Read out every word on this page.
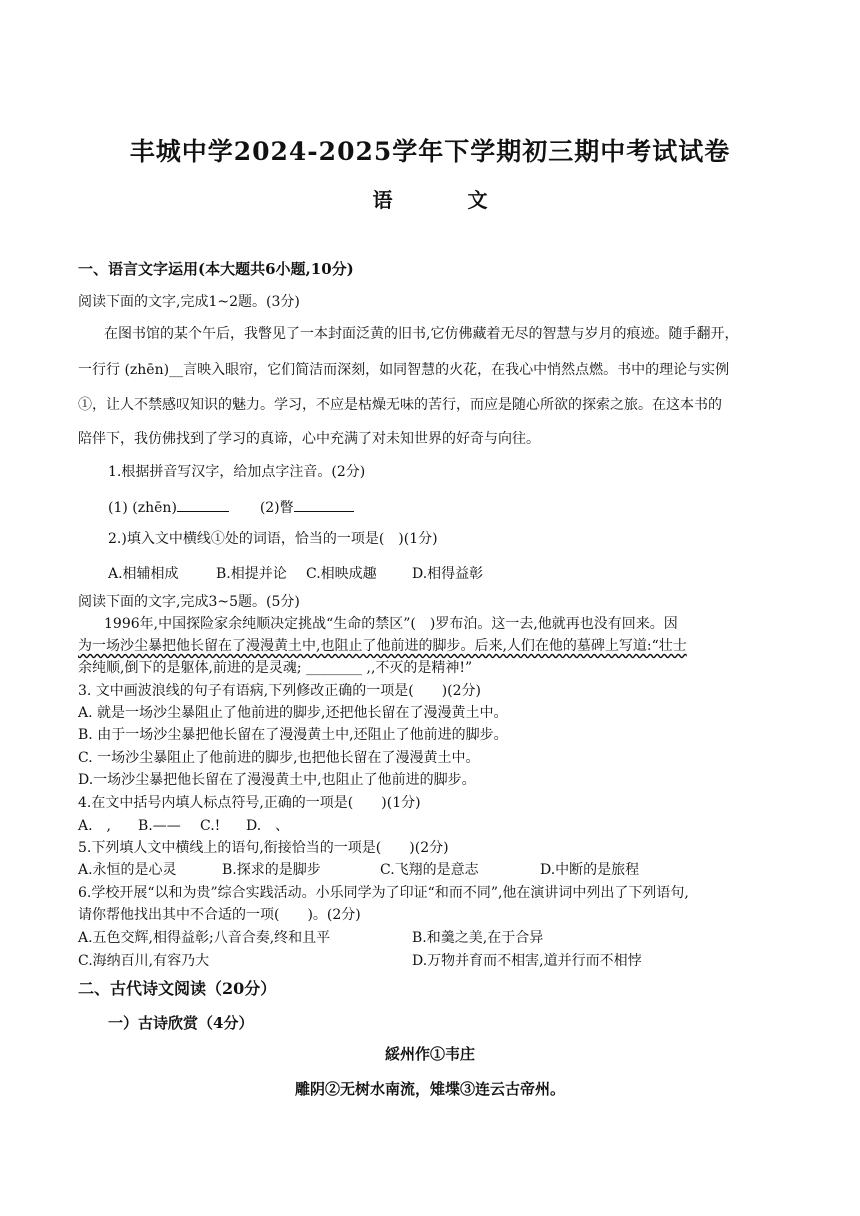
丰城中学2024-2025学年下学期初三期中考试试卷
语 文
一、语言文字运用(本大题共6小题,10分)
阅读下面的文字,完成1~2题。(3分)
在图书馆的某个午后，我瞥见了一本封面泛黄的旧书,它仿佛藏着无尽的智慧与岁月的痕迹。随手翻开，
一行行 (zhēn)__言映入眼帘，它们简洁而深刻，如同智慧的火花，在我心中悄然点燃。书中的理论与实例
①，让人不禁感叹知识的魅力。学习，不应是枯燥无味的苦行，而应是随心所欲的探索之旅。在这本书的
陪伴下，我仿佛找到了学习的真谛，心中充满了对未知世界的好奇与向往。
1.根据拼音写汉字，给加点字注音。(2分)
(1) (zhēn)	(2)瞥
2.)填入文中横线①处的词语，恰当的一项是(　)(1分)
A.相辅相成	B.相提并论 C.相映成趣	D.相得益彰
阅读下面的文字,完成3~5题。(5分)
1996年,中国探险家余纯顺决定挑战“生命的禁区”(　)罗布泊。这一去,他就再也没有回来。因
为一场沙尘暴把他长留在了漫漫黄土中,也阻止了他前进的脚步。后来,人们在他的墓碑上写道:“壮士
余纯顺,倒下的是躯体,前进的是灵魂; ________ ,,不灭的是精神!”
3. 文中画波浪线的句子有语病,下列修改正确的一项是(　　)(2分)
A. 就是一场沙尘暴阻止了他前进的脚步,还把他长留在了漫漫黄土中。
B. 由于一场沙尘暴把他长留在了漫漫黄土中,还阻止了他前进的脚步。
C. 一场沙尘暴阻止了他前进的脚步,也把他长留在了漫漫黄土中。
D.一场沙尘暴把他长留在了漫漫黄土中,也阻止了他前进的脚步。
4.在文中括号内填人标点符号,正确的一项是(　　)(1分)
A.　, B.—— C.! D.　、
5.下列填人文中横线上的语句,衔接恰当的一项是(　　)(2分)
A.永恒的是心灵	B.探求的是脚步	C.飞翔的是意志	D.中断的是旅程
6.学校开展“以和为贵”综合实践活动。小乐同学为了印证“和而不同”,他在演讲词中列出了下列语句,
请你帮他找出其中不合适的一项(　　)。(2分)
A.五色交辉,相得益彰;八音合奏,终和且平	B.和羹之美,在于合异
C.海纳百川,有容乃大	D.万物并育而不相害,道并行而不相悖
二、古代诗文阅读（20分）
一）古诗欣赏（4分）
綏州作①韦庄
雕阴②无树水南流，雉堞③连云古帝州。
